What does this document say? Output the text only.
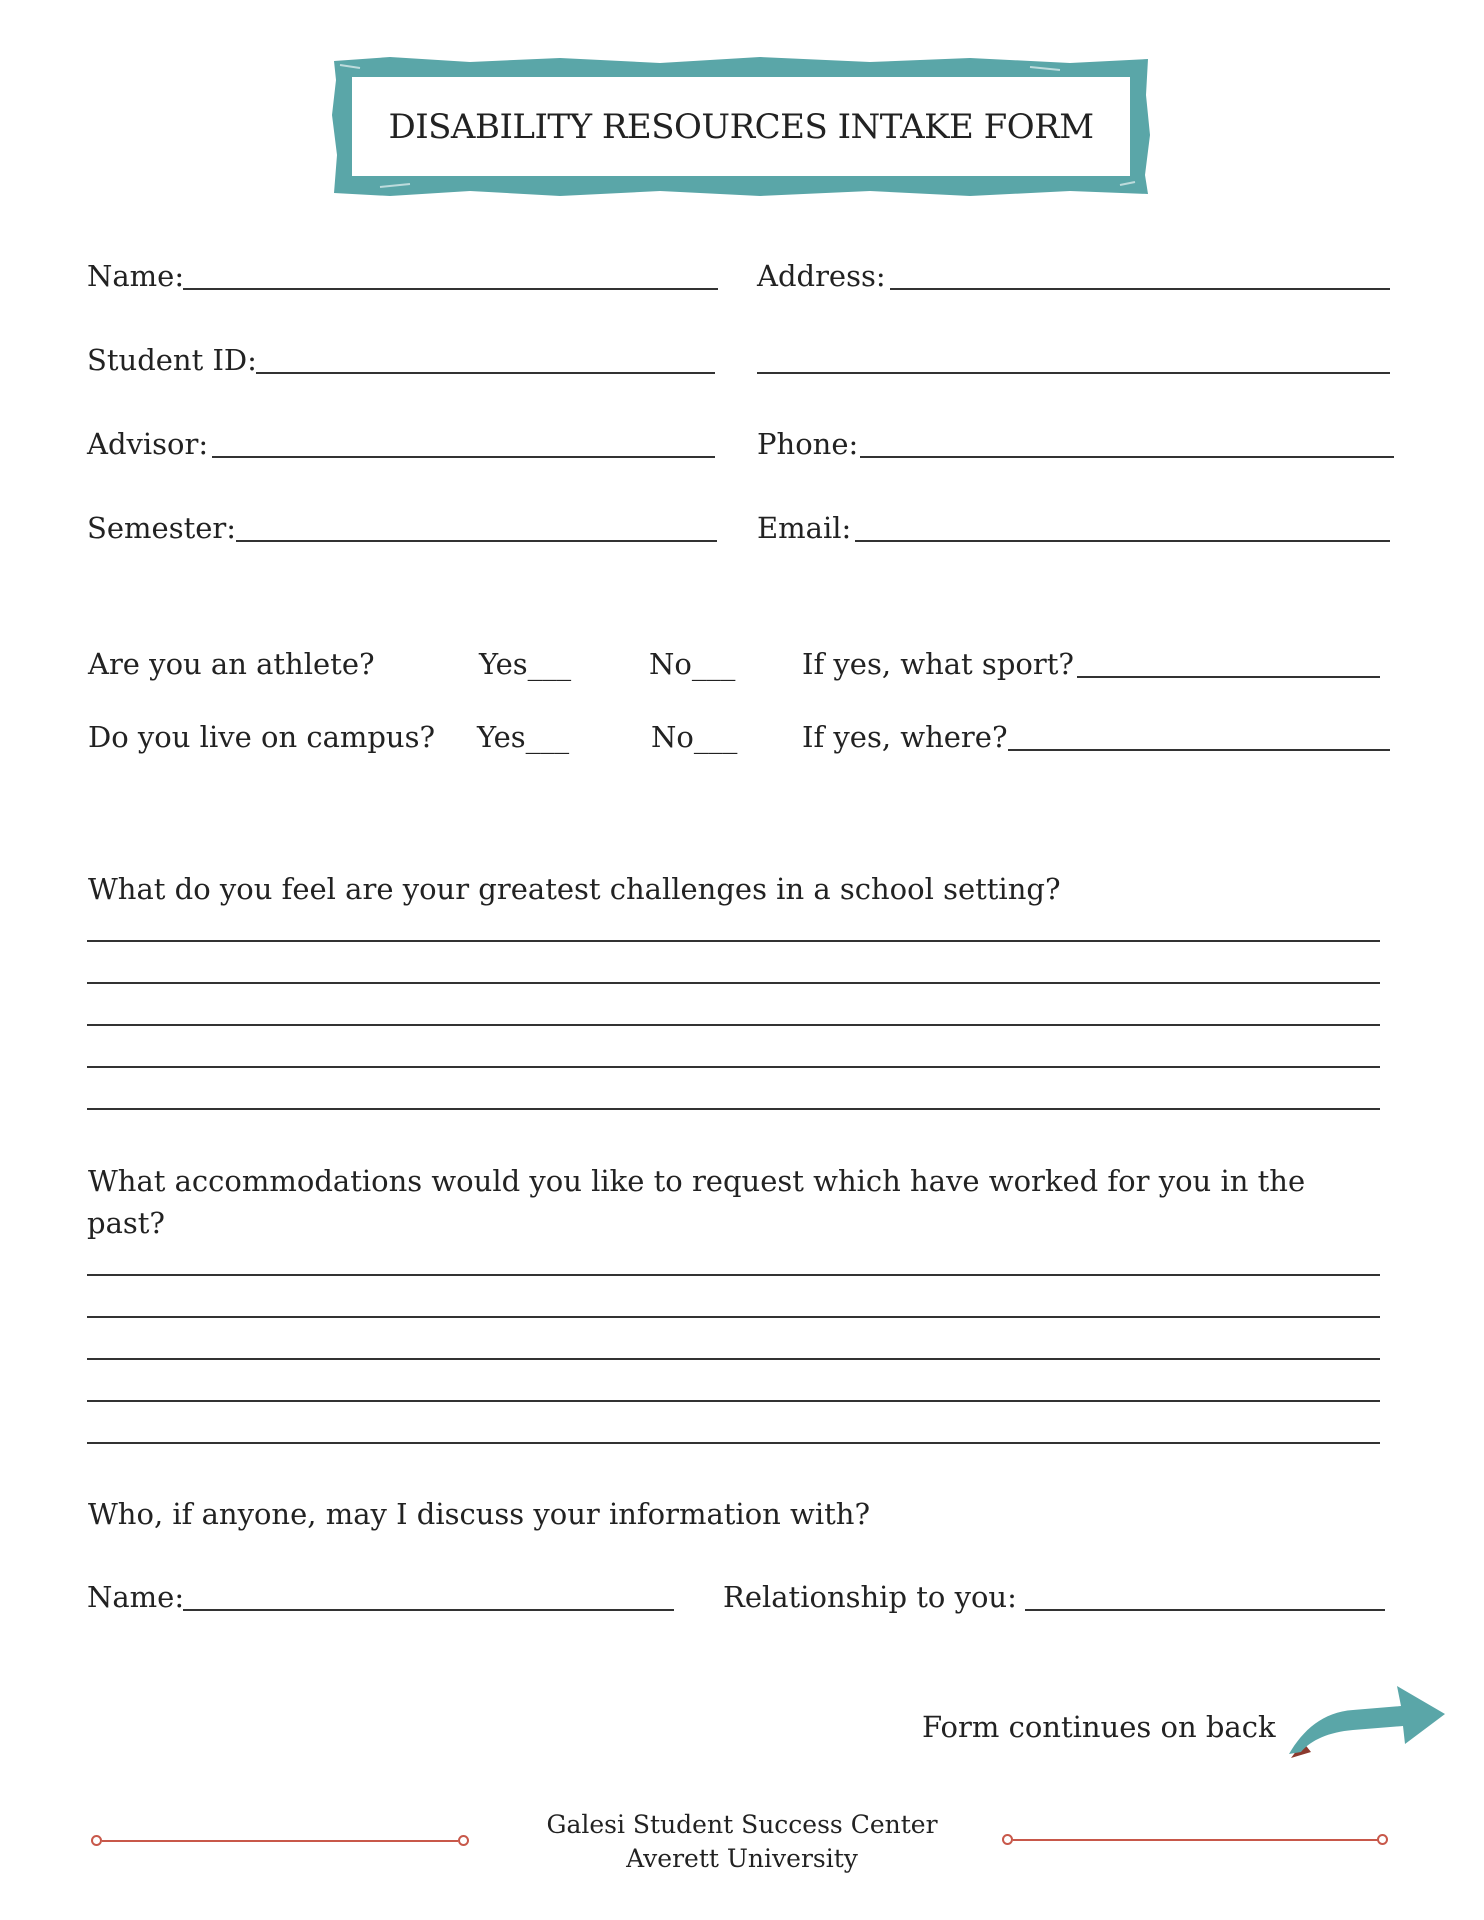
DISABILITY RESOURCES INTAKE FORM
Name:	Address:
Student ID:
Advisor:	Phone:
Semester:	Email:
Are you an athlete?	Yes___	No___ If yes, what sport?
Do you live on campus? Yes___	No___ If yes, where?
What do you feel are your greatest challenges in a school setting?
What accommodations would you like to request which have worked for you in the
past?
Who, if anyone, may I discuss your information with?
Name:	Relationship to you:
Form continues on back
Galesi Student Success Center
Averett University
